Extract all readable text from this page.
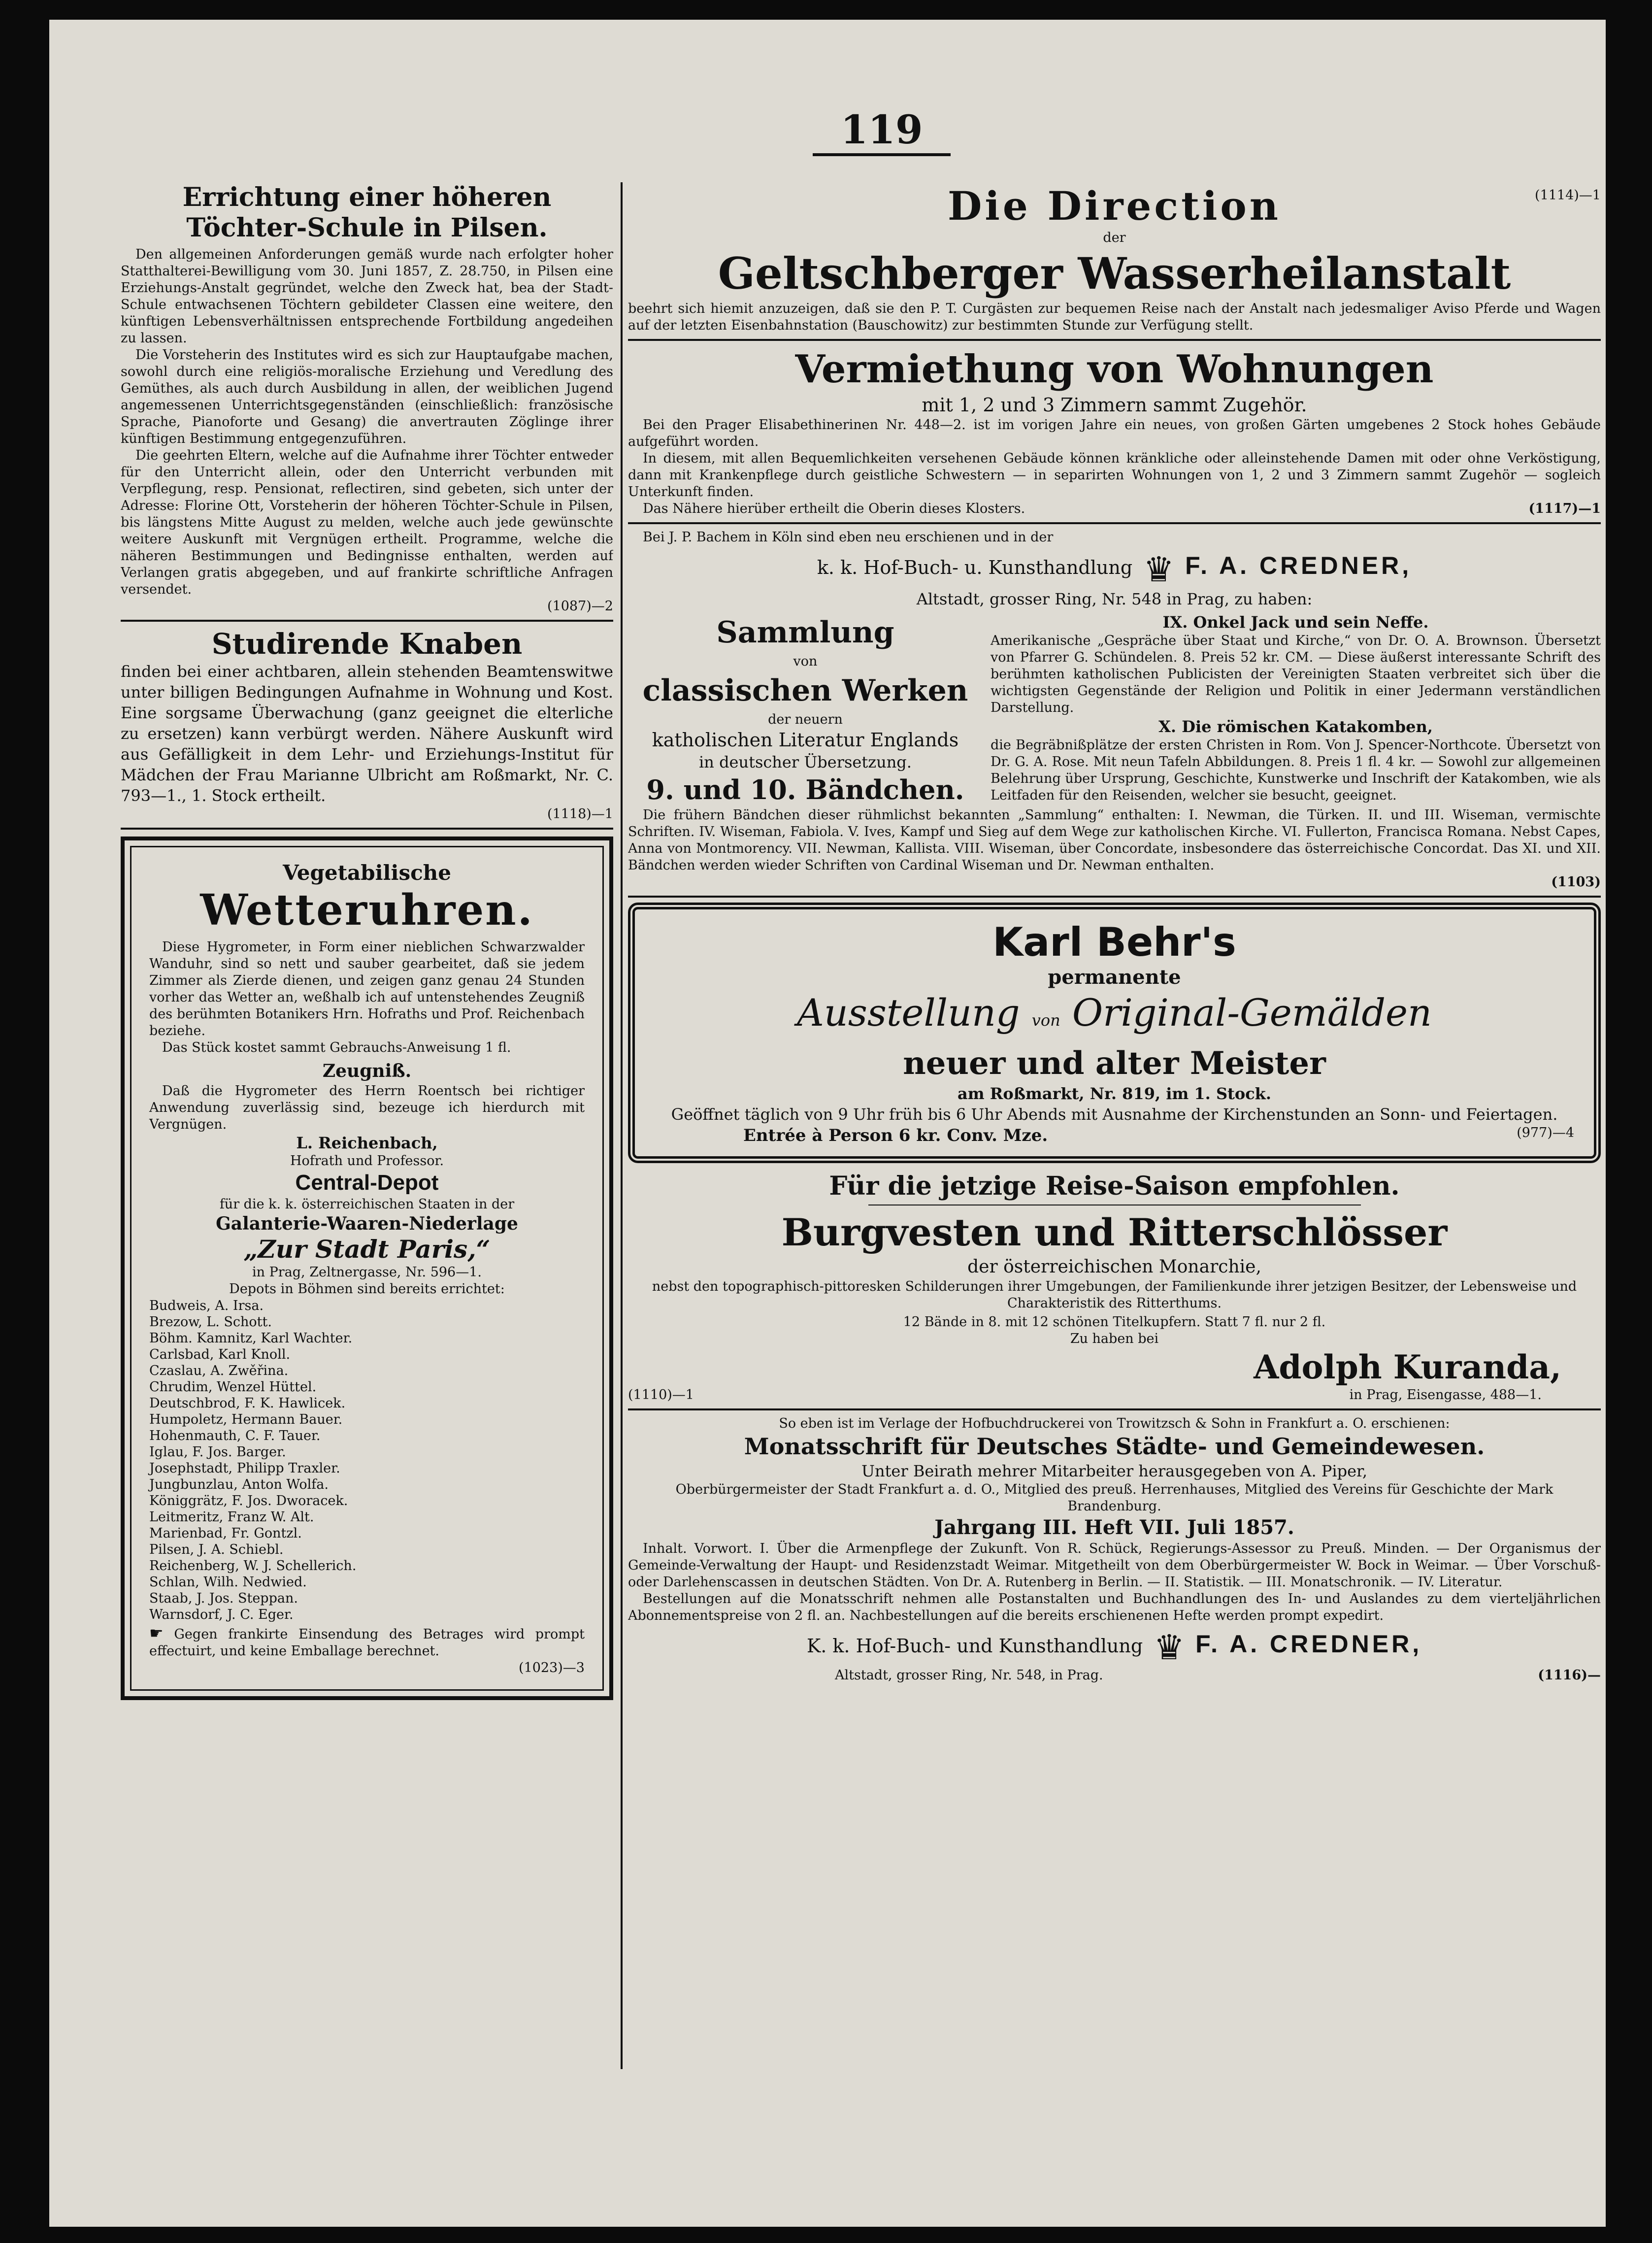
119

Errichtung einer höheren Töchter-Schule in Pilsen.

Den allgemeinen Anforderungen gemäß wurde nach erfolgter hoher Statthalterei-Bewilligung vom 30. Juni 1857, Z. 28.750, in Pilsen eine Erziehungs-Anstalt gegründet, welche den Zweck hat, bea der Stadt-Schule entwachsenen Töchtern gebildeter Classen eine weitere, den künftigen Lebensverhältnissen entsprechende Fortbildung angedeihen zu lassen.

Die Vorsteherin des Institutes wird es sich zur Hauptaufgabe machen, sowohl durch eine religiös-moralische Erziehung und Veredlung des Gemüthes, als auch durch Ausbildung in allen, der weiblichen Jugend angemessenen Unterrichtsgegenständen (einschließlich: französische Sprache, Pianoforte und Gesang) die anvertrauten Zöglinge ihrer künftigen Bestimmung entgegenzuführen.

Die geehrten Eltern, welche auf die Aufnahme ihrer Töchter entweder für den Unterricht allein, oder den Unterricht verbunden mit Verpflegung, resp. Pensionat, reflectiren, sind gebeten, sich unter der Adresse: Florine Ott, Vorsteherin der höheren Töchter-Schule in Pilsen, bis längstens Mitte August zu melden, welche auch jede gewünschte weitere Auskunft mit Vergnügen ertheilt. Programme, welche die näheren Bestimmungen und Bedingnisse enthalten, werden auf Verlangen gratis abgegeben, und auf frankirte schriftliche Anfragen versendet.

(1087)—2

Studirende Knaben

finden bei einer achtbaren, allein stehenden Beamtenswitwe unter billigen Bedingungen Aufnahme in Wohnung und Kost. Eine sorgsame Überwachung (ganz geeignet die elterliche zu ersetzen) kann verbürgt werden. Nähere Auskunft wird aus Gefälligkeit in dem Lehr- und Erziehungs-Institut für Mädchen der Frau Marianne Ulbricht am Roßmarkt, Nr. C. 793—1., 1. Stock ertheilt.

(1118)—1

Vegetabilische

Wetteruhren.

Diese Hygrometer, in Form einer nieblichen Schwarzwalder Wanduhr, sind so nett und sauber gearbeitet, daß sie jedem Zimmer als Zierde dienen, und zeigen ganz genau 24 Stunden vorher das Wetter an, weßhalb ich auf untenstehendes Zeugniß des berühmten Botanikers Hrn. Hofraths und Prof. Reichenbach beziehe.

Das Stück kostet sammt Gebrauchs-Anweisung 1 fl.

Zeugniß.

Daß die Hygrometer des Herrn Roentsch bei richtiger Anwendung zuverlässig sind, bezeuge ich hierdurch mit Vergnügen.

L. Reichenbach,

Hofrath und Professor.

Central-Depot

für die k. k. österreichischen Staaten in der

Galanterie-Waaren-Niederlage

„Zur Stadt Paris,“

in Prag, Zeltnergasse, Nr. 596—1.

Depots in Böhmen sind bereits errichtet:

Budweis, A. Irsa.

Brezow, L. Schott.

Böhm. Kamnitz, Karl Wachter.

Carlsbad, Karl Knoll.

Czaslau, A. Zwěřina.

Chrudim, Wenzel Hüttel.

Deutschbrod, F. K. Hawlicek.

Humpoletz, Hermann Bauer.

Hohenmauth, C. F. Tauer.

Iglau, F. Jos. Barger.

Josephstadt, Philipp Traxler.

Jungbunzlau, Anton Wolfa.

Königgrätz, F. Jos. Dworacek.

Leitmeritz, Franz W. Alt.

Marienbad, Fr. Gontzl.

Pilsen, J. A. Schiebl.

Reichenberg, W. J. Schellerich.

Schlan, Wilh. Nedwied.

Staab, J. Jos. Steppan.

Warnsdorf, J. C. Eger.

☛ Gegen frankirte Einsendung des Betrages wird prompt effectuirt, und keine Emballage berechnet.

(1023)—3

Die Direction	(1114)—1

der

Geltschberger Wasserheilanstalt

beehrt sich hiemit anzuzeigen, daß sie den P. T. Curgästen zur bequemen Reise nach der Anstalt nach jedesmaliger Aviso Pferde und Wagen auf der letzten Eisenbahnstation (Bauschowitz) zur bestimmten Stunde zur Verfügung stellt.

Vermiethung von Wohnungen

mit 1, 2 und 3 Zimmern sammt Zugehör.

Bei den Prager Elisabethinerinen Nr. 448—2. ist im vorigen Jahre ein neues, von großen Gärten umgebenes 2 Stock hohes Gebäude aufgeführt worden.

In diesem, mit allen Bequemlichkeiten versehenen Gebäude können kränkliche oder alleinstehende Damen mit oder ohne Verköstigung, dann mit Krankenpflege durch geistliche Schwestern — in separirten Wohnungen von 1, 2 und 3 Zimmern sammt Zugehör — sogleich Unterkunft finden.

Das Nähere hierüber ertheilt die Oberin dieses Klosters.	(1117)—1

Bei J. P. Bachem in Köln sind eben neu erschienen und in der

k. k. Hof-Buch- u. Kunsthandlung ♛ F. A. CREDNER,

Altstadt, grosser Ring, Nr. 548 in Prag, zu haben:

Sammlung

von

classischen Werken

der neuern

katholischen Literatur Englands

in deutscher Übersetzung.

9. und 10. Bändchen.

IX. Onkel Jack und sein Neffe.

Amerikanische „Gespräche über Staat und Kirche,“ von Dr. O. A. Brownson. Übersetzt von Pfarrer G. Schündelen. 8. Preis 52 kr. CM. — Diese äußerst interessante Schrift des berühmten katholischen Publicisten der Vereinigten Staaten verbreitet sich über die wichtigsten Gegenstände der Religion und Politik in einer Jedermann verständlichen Darstellung.

X. Die römischen Katakomben,

die Begräbnißplätze der ersten Christen in Rom. Von J. Spencer-Northcote. Übersetzt von Dr. G. A. Rose. Mit neun Tafeln Abbildungen. 8. Preis 1 fl. 4 kr. — Sowohl zur allgemeinen Belehrung über Ursprung, Geschichte, Kunstwerke und Inschrift der Katakomben, wie als Leitfaden für den Reisenden, welcher sie besucht, geeignet.

Die frühern Bändchen dieser rühmlichst bekannten „Sammlung“ enthalten: I. Newman, die Türken. II. und III. Wiseman, vermischte Schriften. IV. Wiseman, Fabiola. V. Ives, Kampf und Sieg auf dem Wege zur katholischen Kirche. VI. Fullerton, Francisca Romana. Nebst Capes, Anna von Montmorency. VII. Newman, Kallista. VIII. Wiseman, über Concordate, insbesondere das österreichische Concordat. Das XI. und XII. Bändchen werden wieder Schriften von Cardinal Wiseman und Dr. Newman enthalten.

(1103)

Karl Behr's

permanente

Ausstellung von Original-Gemälden

neuer und alter Meister

am Roßmarkt, Nr. 819, im 1. Stock.

Geöffnet täglich von 9 Uhr früh bis 6 Uhr Abends mit Ausnahme der Kirchenstunden an Sonn- und Feiertagen.

Entrée à Person 6 kr. Conv. Mze.	(977)—4

Für die jetzige Reise-Saison empfohlen.

Burgvesten und Ritterschlösser

der österreichischen Monarchie,

nebst den topographisch-pittoresken Schilderungen ihrer Umgebungen, der Familienkunde ihrer jetzigen Besitzer, der Lebensweise und Charakteristik des Ritterthums.

12 Bände in 8. mit 12 schönen Titelkupfern. Statt 7 fl. nur 2 fl.

Zu haben bei

Adolph Kuranda,

(1110)—1	in Prag, Eisengasse, 488—1.

So eben ist im Verlage der Hofbuchdruckerei von Trowitzsch & Sohn in Frankfurt a. O. erschienen:

Monatsschrift für Deutsches Städte- und Gemeindewesen.

Unter Beirath mehrer Mitarbeiter herausgegeben von A. Piper,

Oberbürgermeister der Stadt Frankfurt a. d. O., Mitglied des preuß. Herrenhauses, Mitglied des Vereins für Geschichte der Mark Brandenburg.

Jahrgang III. Heft VII. Juli 1857.

Inhalt. Vorwort. I. Über die Armenpflege der Zukunft. Von R. Schück, Regierungs-Assessor zu Preuß. Minden. — Der Organismus der Gemeinde-Verwaltung der Haupt- und Residenzstadt Weimar. Mitgetheilt von dem Oberbürgermeister W. Bock in Weimar. — Über Vorschuß- oder Darlehenscassen in deutschen Städten. Von Dr. A. Rutenberg in Berlin. — II. Statistik. — III. Monatschronik. — IV. Literatur.

Bestellungen auf die Monatsschrift nehmen alle Postanstalten und Buchhandlungen des In- und Auslandes zu dem vierteljährlichen Abonnementspreise von 2 fl. an. Nachbestellungen auf die bereits erschienenen Hefte werden prompt expedirt.

K. k. Hof-Buch- und Kunsthandlung ♛ F. A. CREDNER,

Altstadt, grosser Ring, Nr. 548, in Prag.	(1116)—
